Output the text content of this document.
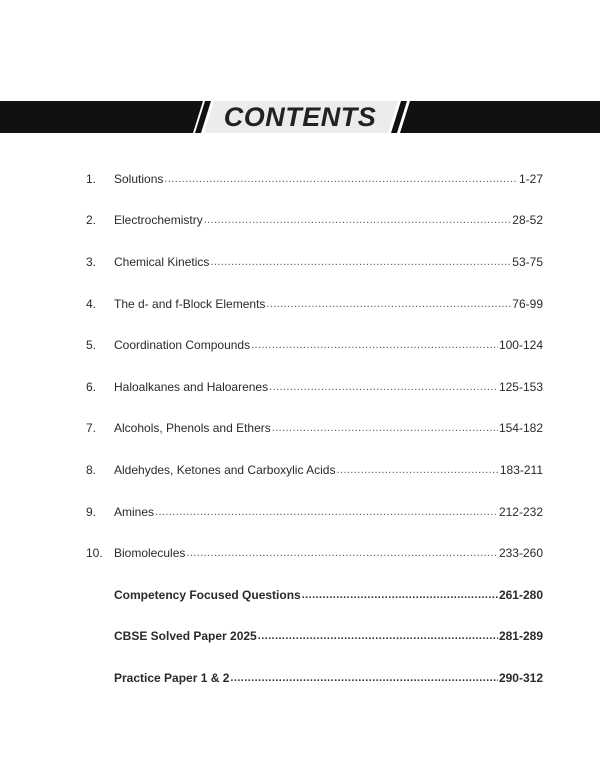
CONTENTS
1.	Solutions .....	1-27
2.	Electrochemistry .....	28-52
3.	Chemical Kinetics .....	53-75
4.	The d- and f-Block Elements .....	76-99
5.	Coordination Compounds .....	100-124
6.	Haloalkanes and Haloarenes .....	125-153
7.	Alcohols, Phenols and Ethers .....	154-182
8.	Aldehydes, Ketones and Carboxylic Acids .....	183-211
9.	Amines .....	212-232
10. Biomolecules .....	233-260
Competency Focused Questions .....	261-280
CBSE Solved Paper 2025 .....	281-289
Practice Paper 1 & 2 .....	290-312
